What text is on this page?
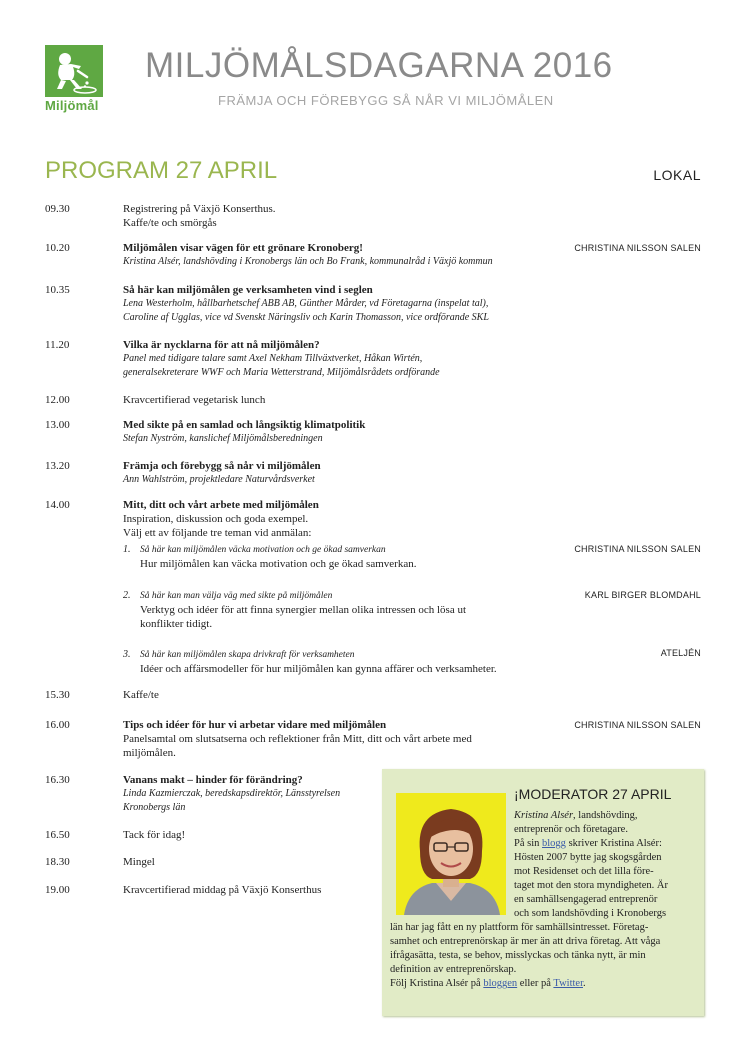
Miljömål
MILJÖMÅLSDAGARNA 2016
FRÄMJA OCH FÖREBYGG SÅ NÅR VI MILJÖMÅLEN
PROGRAM 27 APRIL	LOKAL
09.30	Registrering på Växjö Konserthus.
Kaffe/te och smörgås
10.20	Miljömålen visar vägen för ett grönare Kronoberg!
Kristina Alsér, landshövding i Kronobergs län och Bo Frank, kommunalråd i Växjö kommun
CHRISTINA NILSSON SALEN
10.35	Så här kan miljömålen ge verksamheten vind i seglen
Lena Westerholm, hållbarhetschef ABB AB, Günther Mårder, vd Företagarna (inspelat tal),
Caroline af Ugglas, vice vd Svenskt Näringsliv och Karin Thomasson, vice ordförande SKL
11.20	Vilka är nycklarna för att nå miljömålen?
Panel med tidigare talare samt Axel Nekham Tillväxtverket, Håkan Wirtén,
generalsekreterare WWF och Maria Wetterstrand, Miljömålsrådets ordförande
12.00	Kravcertifierad vegetarisk lunch
13.00	Med sikte på en samlad och långsiktig klimatpolitik
Stefan Nyström, kanslichef Miljömålsberedningen
13.20	Främja och förebygg så når vi miljömålen
Ann Wahlström, projektledare Naturvårdsverket
14.00	Mitt, ditt och vårt arbete med miljömålen
Inspiration, diskussion och goda exempel.
Välj ett av följande tre teman vid anmälan:
1. Så här kan miljömålen väcka motivation och ge ökad samverkan
Hur miljömålen kan väcka motivation och ge ökad samverkan.
CHRISTINA NILSSON SALEN
2. Så här kan man välja väg med sikte på miljömålen
Verktyg och idéer för att finna synergier mellan olika intressen och lösa ut
konflikter tidigt.
KARL BIRGER BLOMDAHL
3. Så här kan miljömålen skapa drivkraft för verksamheten
Idéer och affärsmodeller för hur miljömålen kan gynna affärer och verksamheter.
ATELJÉN
15.30	Kaffe/te
16.00	Tips och idéer för hur vi arbetar vidare med miljömålen
Panelsamtal om slutsatserna och reflektioner från Mitt, ditt och vårt arbete med
miljömålen.
CHRISTINA NILSSON SALEN
16.30	Vanans makt – hinder för förändring?
Linda Kazmierczak, beredskapsdirektör, Länsstyrelsen
Kronobergs län
16.50	Tack för idag!
18.30	Mingel
19.00	Kravcertifierad middag på Växjö Konserthus
¡MODERATOR 27 APRIL
Kristina Alsér, landshövding,
entreprenör och företagare.
På sin blogg skriver Kristina Alsér:
Hösten 2007 bytte jag skogsgården
mot Residenset och det lilla före-
taget mot den stora myndigheten. Är
en samhällsengagerad entreprenör
och som landshövding i Kronobergs
län har jag fått en ny plattform för samhällsintresset. Företag-
samhet och entreprenörskap är mer än att driva företag. Att våga
ifrågasätta, testa, se behov, misslyckas och tänka nytt, är min
definition av entreprenörskap.
Följ Kristina Alsér på bloggen eller på Twitter.
